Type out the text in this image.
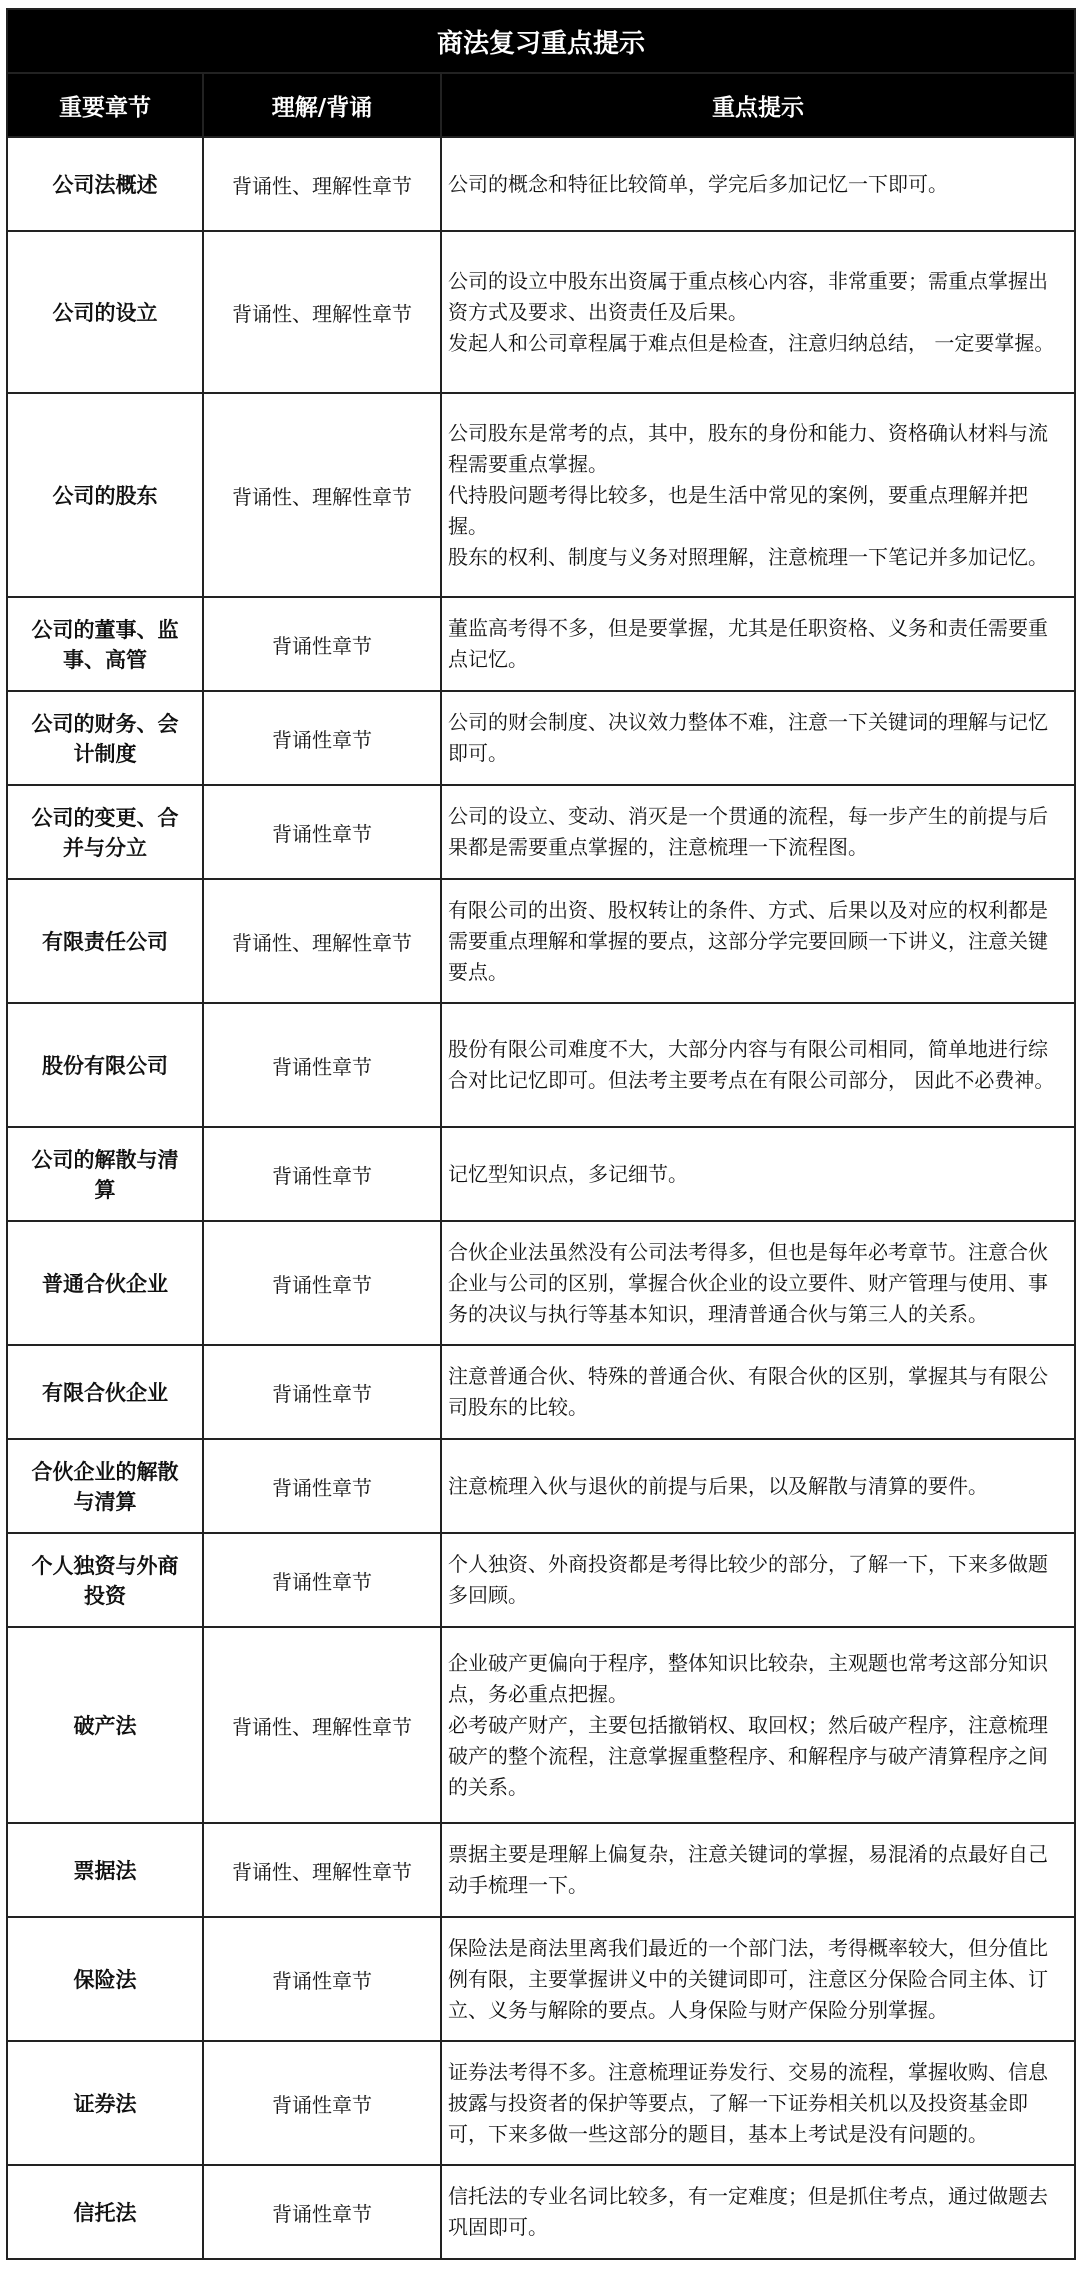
商法复习重点提示		
重要章节	理解/背诵	重点提示
公司法概述	背诵性、理解性章节	公司的概念和特征比较简单，学完后多加记忆一下即可。

公司的设立	背诵性、理解性章节	公司的设立中股东出资属于重点核心内容，非常重要；需重点掌握出资方式及要求、出资责任及后果。

发起人和公司章程属于难点但是检查，注意归纳总结， 一定要掌握。

公司的股东	背诵性、理解性章节	公司股东是常考的点，其中，股东的身份和能力、资格确认材料与流程需要重点掌握。

代持股问题考得比较多，也是生活中常见的案例，要重点理解并把握。

股东的权利、制度与义务对照理解，注意梳理一下笔记并多加记忆。

公司的董事、监事、高管	背诵性章节	董监高考得不多，但是要掌握，尤其是任职资格、义务和责任需要重点记忆。

公司的财务、会计制度	背诵性章节	公司的财会制度、决议效力整体不难，注意一下关键词的理解与记忆即可。

公司的变更、合并与分立	背诵性章节	公司的设立、变动、消灭是一个贯通的流程，每一步产生的前提与后果都是需要重点掌握的，注意梳理一下流程图。

有限责任公司	背诵性、理解性章节	有限公司的出资、股权转让的条件、方式、后果以及对应的权利都是需要重点理解和掌握的要点，这部分学完要回顾一下讲义，注意关键要点。

股份有限公司	背诵性章节	股份有限公司难度不大，大部分内容与有限公司相同，简单地进行综合对比记忆即可。但法考主要考点在有限公司部分， 因此不必费神。

公司的解散与清算	背诵性章节	记忆型知识点，多记细节。

普通合伙企业	背诵性章节	合伙企业法虽然没有公司法考得多，但也是每年必考章节。注意合伙企业与公司的区别，掌握合伙企业的设立要件、财产管理与使用、事务的决议与执行等基本知识，理清普通合伙与第三人的关系。

有限合伙企业	背诵性章节	注意普通合伙、特殊的普通合伙、有限合伙的区别，掌握其与有限公司股东的比较。

合伙企业的解散与清算	背诵性章节	注意梳理入伙与退伙的前提与后果，以及解散与清算的要件。

个人独资与外商投资	背诵性章节	个人独资、外商投资都是考得比较少的部分，了解一下，下来多做题多回顾。

破产法	背诵性、理解性章节	企业破产更偏向于程序，整体知识比较杂，主观题也常考这部分知识点，务必重点把握。

必考破产财产，主要包括撤销权、取回权；然后破产程序，注意梳理破产的整个流程，注意掌握重整程序、和解程序与破产清算程序之间的关系。

票据法	背诵性、理解性章节	票据主要是理解上偏复杂，注意关键词的掌握，易混淆的点最好自己动手梳理一下。

保险法	背诵性章节	保险法是商法里离我们最近的一个部门法，考得概率较大，但分值比例有限，主要掌握讲义中的关键词即可，注意区分保险合同主体、订立、义务与解除的要点。人身保险与财产保险分别掌握。

证券法	背诵性章节	证券法考得不多。注意梳理证券发行、交易的流程，掌握收购、信息披露与投资者的保护等要点，了解一下证券相关机以及投资基金即可，下来多做一些这部分的题目，基本上考试是没有问题的。

信托法	背诵性章节	信托法的专业名词比较多，有一定难度；但是抓住考点，通过做题去巩固即可。
